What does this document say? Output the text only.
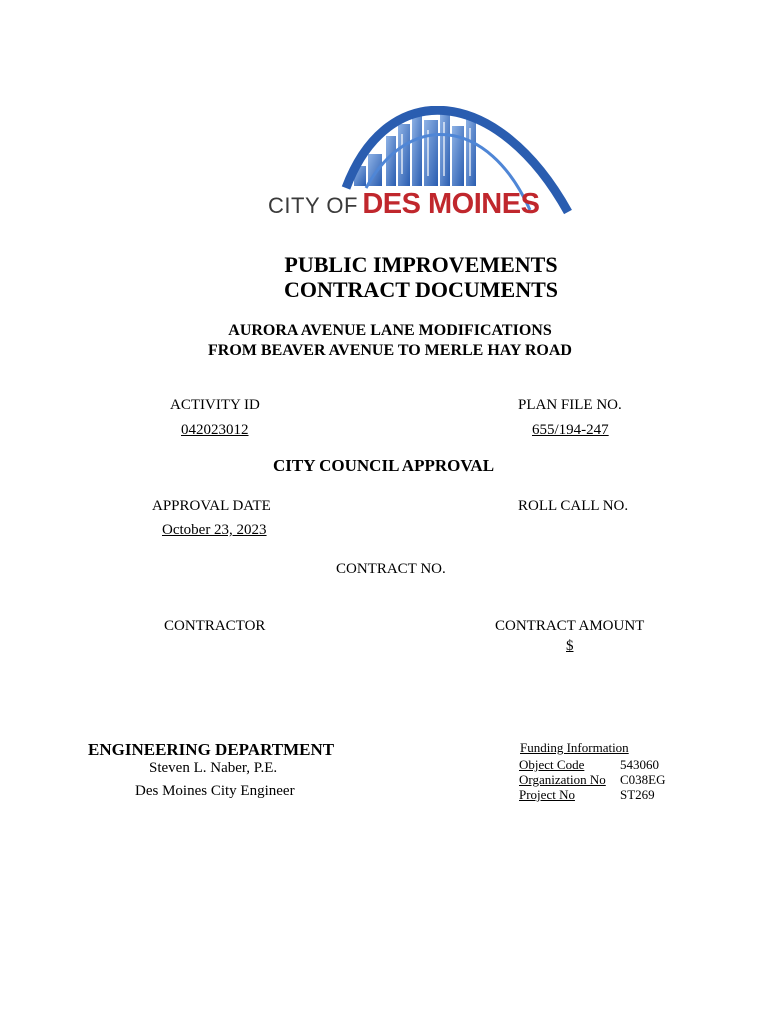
CITY OF DES MOINES
PUBLIC IMPROVEMENTS
CONTRACT DOCUMENTS
AURORA AVENUE LANE MODIFICATIONS
FROM BEAVER AVENUE TO MERLE HAY ROAD
ACTIVITY ID
042023012
PLAN FILE NO.
655/194-247
CITY COUNCIL APPROVAL
APPROVAL DATE
October 23, 2023
ROLL CALL NO.
CONTRACT NO.
CONTRACTOR	CONTRACT AMOUNT
$
ENGINEERING DEPARTMENT
Steven L. Naber, P.E.
Des Moines City Engineer
Funding Information
Object Code	543060
Organization No	C038EG
Project No	ST269
